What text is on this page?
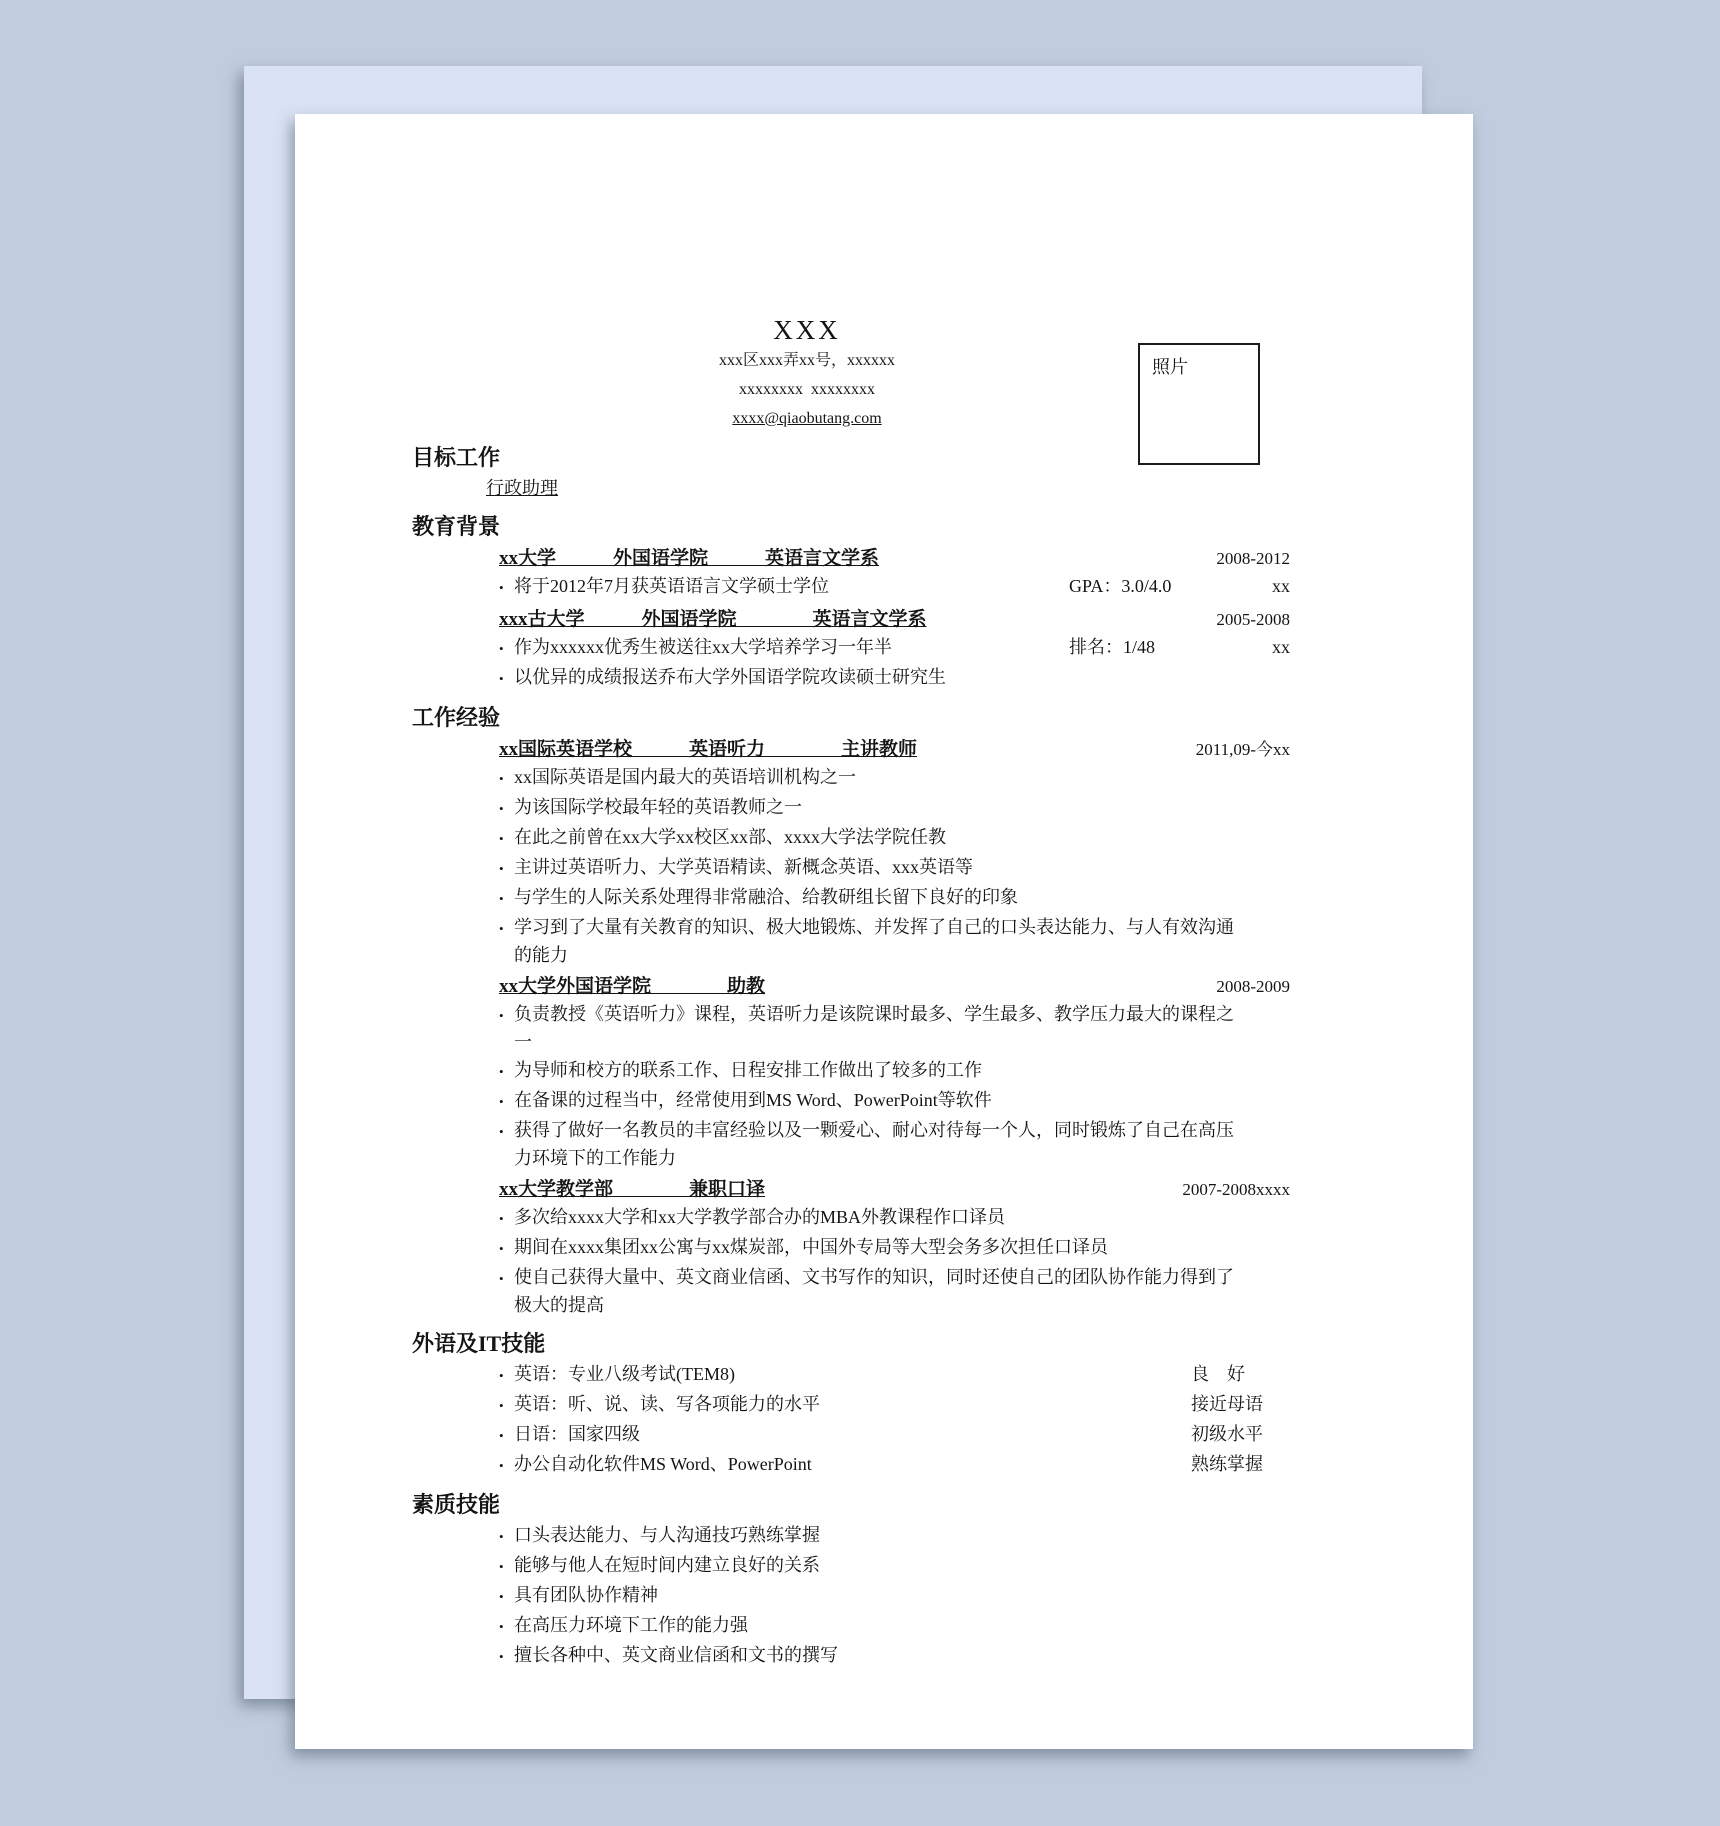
照片
XXX
xxx区xxx弄xx号，xxxxxx
xxxxxxxx  xxxxxxxx
xxxx@qiaobutang.com
目标工作
行政助理
教育背景
xx大学　　　外国语学院　　　英语言文学系	2008-2012
• 将于2012年7月获英语语言文学硕士学位	GPA：3.0/4.0	xx
xxx古大学　　　外国语学院　　　　英语言文学系	2005-2008
• 作为xxxxxx优秀生被送往xx大学培养学习一年半	排名：1/48	xx
• 以优异的成绩报送乔布大学外国语学院攻读硕士研究生
工作经验
xx国际英语学校　　　英语听力　　　　主讲教师	2011,09-今xx
• xx国际英语是国内最大的英语培训机构之一
• 为该国际学校最年轻的英语教师之一
• 在此之前曾在xx大学xx校区xx部、xxxx大学法学院任教
• 主讲过英语听力、大学英语精读、新概念英语、xxx英语等
• 与学生的人际关系处理得非常融洽、给教研组长留下良好的印象
• 学习到了大量有关教育的知识、极大地锻炼、并发挥了自己的口头表达能力、与人有效沟通的能力
xx大学外国语学院　　　　助教	2008-2009
• 负责教授《英语听力》课程，英语听力是该院课时最多、学生最多、教学压力最大的课程之一
• 为导师和校方的联系工作、日程安排工作做出了较多的工作
• 在备课的过程当中，经常使用到MS Word、PowerPoint等软件
• 获得了做好一名教员的丰富经验以及一颗爱心、耐心对待每一个人，同时锻炼了自己在高压力环境下的工作能力
xx大学教学部　　　　兼职口译	2007-2008xxxx
• 多次给xxxx大学和xx大学教学部合办的MBA外教课程作口译员
• 期间在xxxx集团xx公寓与xx煤炭部，中国外专局等大型会务多次担任口译员
• 使自己获得大量中、英文商业信函、文书写作的知识，同时还使自己的团队协作能力得到了极大的提高
外语及IT技能
• 英语：专业八级考试(TEM8)	良　好
• 英语：听、说、读、写各项能力的水平	接近母语
• 日语：国家四级	初级水平
• 办公自动化软件MS Word、PowerPoint	熟练掌握
素质技能
• 口头表达能力、与人沟通技巧熟练掌握
• 能够与他人在短时间内建立良好的关系
• 具有团队协作精神
• 在高压力环境下工作的能力强
• 擅长各种中、英文商业信函和文书的撰写
